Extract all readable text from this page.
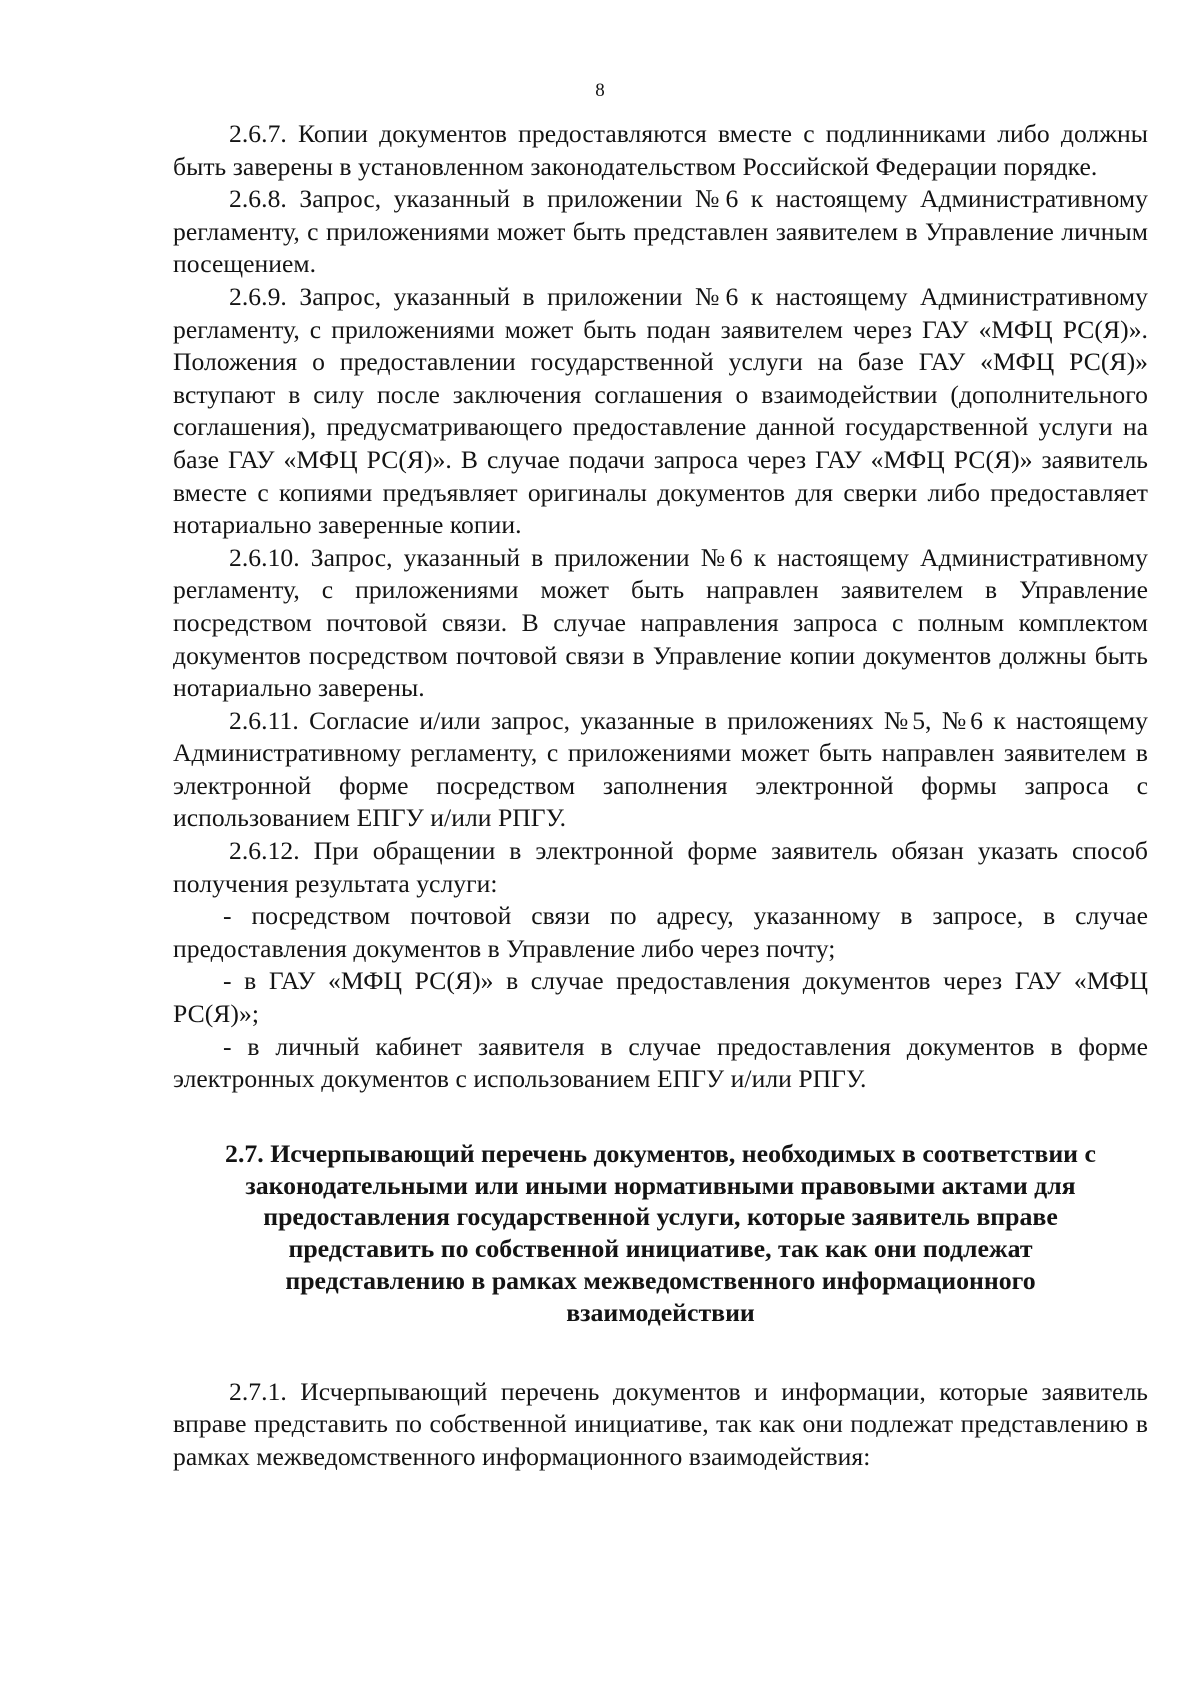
8

2.6.7. Копии документов предоставляются вместе с подлинниками либо должны быть заверены в установленном законодательством Российской Федерации порядке.

2.6.8. Запрос, указанный в приложении №6 к настоящему Административному регламенту, с приложениями может быть представлен заявителем в Управление личным посещением.

2.6.9. Запрос, указанный в приложении №6 к настоящему Административному регламенту, с приложениями может быть подан заявителем через ГАУ «МФЦ РС(Я)». Положения о предоставлении государственной услуги на базе ГАУ «МФЦ РС(Я)» вступают в силу после заключения соглашения о взаимодействии (дополнительного соглашения), предусматривающего предоставление данной государственной услуги на базе ГАУ «МФЦ РС(Я)». В случае подачи запроса через ГАУ «МФЦ РС(Я)» заявитель вместе с копиями предъявляет оригиналы документов для сверки либо предоставляет нотариально заверенные копии.

2.6.10. Запрос, указанный в приложении №6 к настоящему Административному регламенту, с приложениями может быть направлен заявителем в Управление посредством почтовой связи. В случае направления запроса с полным комплектом документов посредством почтовой связи в Управление копии документов должны быть нотариально заверены.

2.6.11. Согласие и/или запрос, указанные в приложениях №5, №6 к настоящему Административному регламенту, с приложениями может быть направлен заявителем в электронной форме посредством заполнения электронной формы запроса с использованием ЕПГУ и/или РПГУ.

2.6.12. При обращении в электронной форме заявитель обязан указать способ получения результата услуги:

- посредством почтовой связи по адресу, указанному в запросе, в случае предоставления документов в Управление либо через почту;

- в ГАУ «МФЦ РС(Я)» в случае предоставления документов через ГАУ «МФЦ РС(Я)»;

- в личный кабинет заявителя в случае предоставления документов в форме электронных документов с использованием ЕПГУ и/или РПГУ.

2.7. Исчерпывающий перечень документов, необходимых в соответствии с
законодательными или иными нормативными правовыми актами для
предоставления государственной услуги, которые заявитель вправе
представить по собственной инициативе, так как они подлежат
представлению в рамках межведомственного информационного
взаимодействии

2.7.1. Исчерпывающий перечень документов и информации, которые заявитель вправе представить по собственной инициативе, так как они подлежат представлению в рамках межведомственного информационного взаимодействия:
